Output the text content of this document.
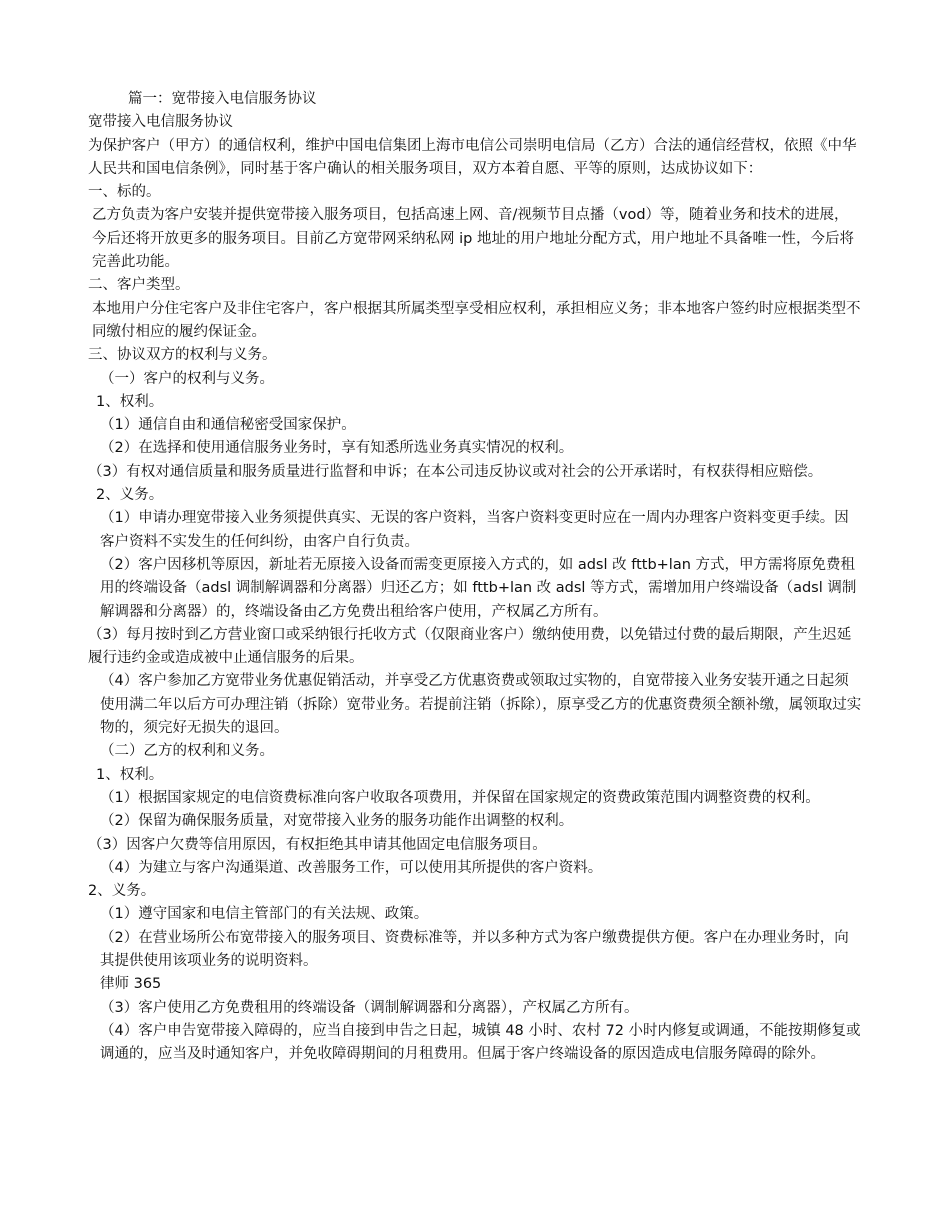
篇一：宽带接入电信服务协议

宽带接入电信服务协议

为保护客户（甲方）的通信权利，维护中国电信集团上海市电信公司崇明电信局（乙方）合法的通信经营权，依照《中华人民共和国电信条例》，同时基于客户确认的相关服务项目，双方本着自愿、平等的原则，达成协议如下：

一、标的。

乙方负责为客户安装并提供宽带接入服务项目，包括高速上网、音/视频节目点播（vod）等，随着业务和技术的进展，今后还将开放更多的服务项目。目前乙方宽带网采纳私网 ip 地址的用户地址分配方式，用户地址不具备唯一性，今后将完善此功能。

二、客户类型。

本地用户分住宅客户及非住宅客户，客户根据其所属类型享受相应权利，承担相应义务；非本地客户签约时应根据类型不同缴付相应的履约保证金。

三、协议双方的权利与义务。

（一）客户的权利与义务。

1、权利。

（1）通信自由和通信秘密受国家保护。

（2）在选择和使用通信服务业务时，享有知悉所选业务真实情况的权利。

（3）有权对通信质量和服务质量进行监督和申诉；在本公司违反协议或对社会的公开承诺时，有权获得相应赔偿。

2、义务。

（1）申请办理宽带接入业务须提供真实、无误的客户资料，当客户资料变更时应在一周内办理客户资料变更手续。因客户资料不实发生的任何纠纷，由客户自行负责。

（2）客户因移机等原因，新址若无原接入设备而需变更原接入方式的，如 adsl 改 fttb+lan 方式，甲方需将原免费租用的终端设备（adsl 调制解调器和分离器）归还乙方；如 fttb+lan 改 adsl 等方式，需增加用户终端设备（adsl 调制解调器和分离器）的，终端设备由乙方免费出租给客户使用，产权属乙方所有。

（3）每月按时到乙方营业窗口或采纳银行托收方式（仅限商业客户）缴纳使用费，以免错过付费的最后期限，产生迟延履行违约金或造成被中止通信服务的后果。

（4）客户参加乙方宽带业务优惠促销活动，并享受乙方优惠资费或领取过实物的，自宽带接入业务安装开通之日起须使用满二年以后方可办理注销（拆除）宽带业务。若提前注销（拆除），原享受乙方的优惠资费须全额补缴，属领取过实物的，须完好无损失的退回。

（二）乙方的权利和义务。

1、权利。

（1）根据国家规定的电信资费标准向客户收取各项费用，并保留在国家规定的资费政策范围内调整资费的权利。

（2）保留为确保服务质量，对宽带接入业务的服务功能作出调整的权利。

（3）因客户欠费等信用原因，有权拒绝其申请其他固定电信服务项目。

（4）为建立与客户沟通渠道、改善服务工作，可以使用其所提供的客户资料。

2、义务。

（1）遵守国家和电信主管部门的有关法规、政策。

（2）在营业场所公布宽带接入的服务项目、资费标准等，并以多种方式为客户缴费提供方便。客户在办理业务时，向其提供使用该项业务的说明资料。

律师 365

（3）客户使用乙方免费租用的终端设备（调制解调器和分离器），产权属乙方所有。

（4）客户申告宽带接入障碍的，应当自接到申告之日起，城镇 48 小时、农村 72 小时内修复或调通，不能按期修复或调通的，应当及时通知客户，并免收障碍期间的月租费用。但属于客户终端设备的原因造成电信服务障碍的除外。
